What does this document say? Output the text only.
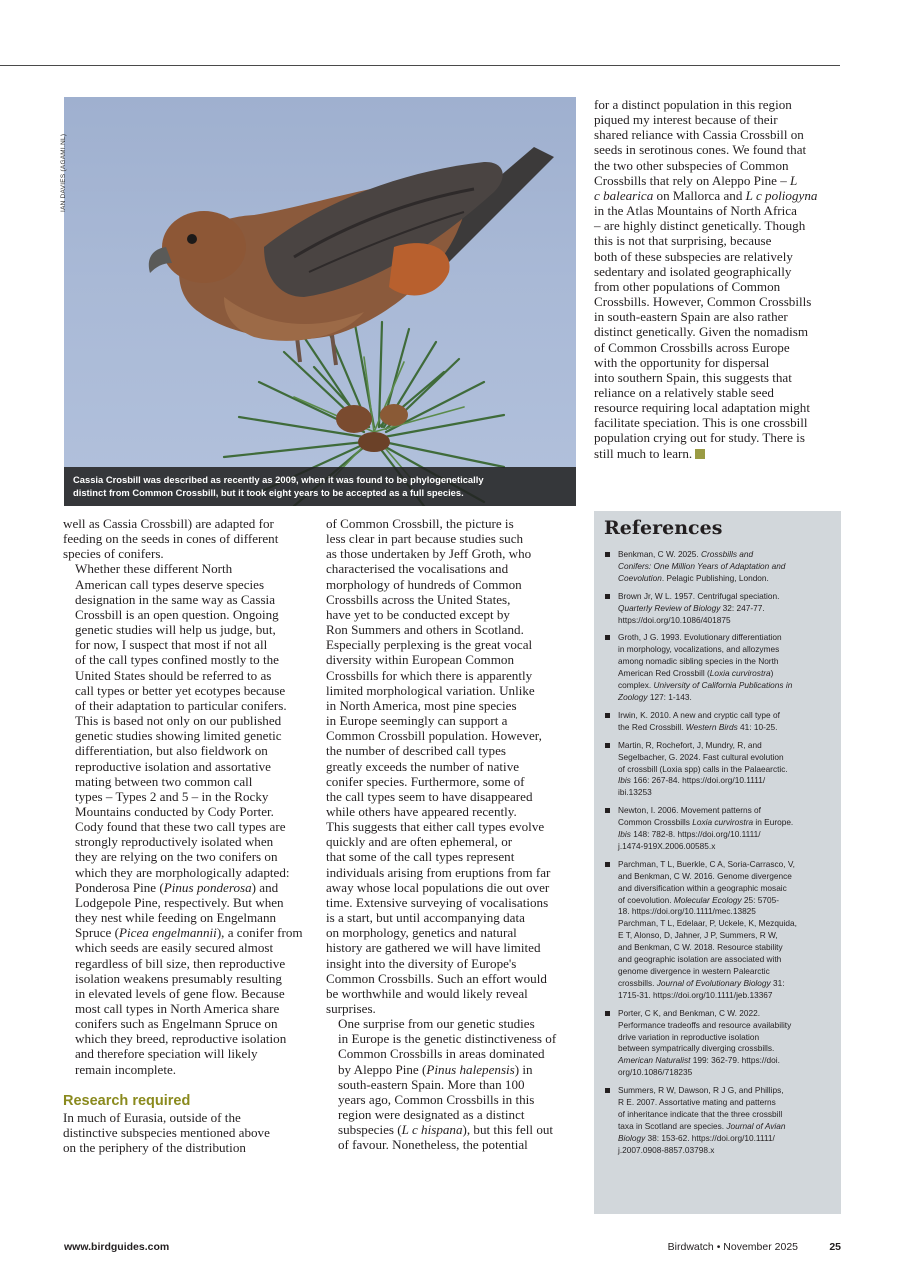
IAN DAVIES (AGAMI.NL)
Cassia Crosbill was described as recently as 2009, when it was found to be phylogenetically
distinct from Common Crossbill, but it took eight years to be accepted as a full species.

well as Cassia Crossbill) are adapted for
feeding on the seeds in cones of different
species of conifers.

Whether these different North
American call types deserve species
designation in the same way as Cassia
Crossbill is an open question. Ongoing
genetic studies will help us judge, but,
for now, I suspect that most if not all
of the call types confined mostly to the
United States should be referred to as
call types or better yet ecotypes because
of their adaptation to particular conifers.
This is based not only on our published
genetic studies showing limited genetic
differentiation, but also fieldwork on
reproductive isolation and assortative
mating between two common call
types – Types 2 and 5 – in the Rocky
Mountains conducted by Cody Porter.
Cody found that these two call types are
strongly reproductively isolated when
they are relying on the two conifers on
which they are morphologically adapted:
Ponderosa Pine (Pinus ponderosa) and
Lodgepole Pine, respectively. But when
they nest while feeding on Engelmann
Spruce (Picea engelmannii), a conifer from
which seeds are easily secured almost
regardless of bill size, then reproductive
isolation weakens presumably resulting
in elevated levels of gene flow. Because
most call types in North America share
conifers such as Engelmann Spruce on
which they breed, reproductive isolation
and therefore speciation will likely
remain incomplete.

Research required

In much of Eurasia, outside of the
distinctive subspecies mentioned above
on the periphery of the distribution

of Common Crossbill, the picture is
less clear in part because studies such
as those undertaken by Jeff Groth, who
characterised the vocalisations and
morphology of hundreds of Common
Crossbills across the United States,
have yet to be conducted except by
Ron Summers and others in Scotland.
Especially perplexing is the great vocal
diversity within European Common
Crossbills for which there is apparently
limited morphological variation. Unlike
in North America, most pine species
in Europe seemingly can support a
Common Crossbill population. However,
the number of described call types
greatly exceeds the number of native
conifer species. Furthermore, some of
the call types seem to have disappeared
while others have appeared recently.
This suggests that either call types evolve
quickly and are often ephemeral, or
that some of the call types represent
individuals arising from eruptions from far
away whose local populations die out over
time. Extensive surveying of vocalisations
is a start, but until accompanying data
on morphology, genetics and natural
history are gathered we will have limited
insight into the diversity of Europe's
Common Crossbills. Such an effort would
be worthwhile and would likely reveal
surprises.

One surprise from our genetic studies
in Europe is the genetic distinctiveness of
Common Crossbills in areas dominated
by Aleppo Pine (Pinus halepensis) in
south-eastern Spain. More than 100
years ago, Common Crossbills in this
region were designated as a distinct
subspecies (L c hispana), but this fell out
of favour. Nonetheless, the potential

for a distinct population in this region
piqued my interest because of their
shared reliance with Cassia Crossbill on
seeds in serotinous cones. We found that
the two other subspecies of Common
Crossbills that rely on Aleppo Pine – L
c balearica on Mallorca and L c poliogyna
in the Atlas Mountains of North Africa
– are highly distinct genetically. Though
this is not that surprising, because
both of these subspecies are relatively
sedentary and isolated geographically
from other populations of Common
Crossbills. However, Common Crossbills
in south-eastern Spain are also rather
distinct genetically. Given the nomadism
of Common Crossbills across Europe
with the opportunity for dispersal
into southern Spain, this suggests that
reliance on a relatively stable seed
resource requiring local adaptation might
facilitate speciation. This is one crossbill
population crying out for study. There is
still much to learn.

References
Benkman, C W. 2025. Crossbills and
Conifers: One Million Years of Adaptation and
Coevolution. Pelagic Publishing, London.
Brown Jr, W L. 1957. Centrifugal speciation.
Quarterly Review of Biology 32: 247-77.
https://doi.org/10.1086/401875
Groth, J G. 1993. Evolutionary differentiation
in morphology, vocalizations, and allozymes
among nomadic sibling species in the North
American Red Crossbill (Loxia curvirostra)
complex. University of California Publications in
Zoology 127: 1-143.
Irwin, K. 2010. A new and cryptic call type of
the Red Crossbill. Western Birds 41: 10-25.
Martin, R, Rochefort, J, Mundry, R, and
Segelbacher, G. 2024. Fast cultural evolution
of crossbill (Loxia spp) calls in the Palaearctic.
Ibis 166: 267-84. https://doi.org/10.1111/
ibi.13253
Newton, I. 2006. Movement patterns of
Common Crossbills Loxia curvirostra in Europe.
Ibis 148: 782-8. https://doi.org/10.1111/
j.1474-919X.2006.00585.x
Parchman, T L, Buerkle, C A, Soria-Carrasco, V,
and Benkman, C W. 2016. Genome divergence
and diversification within a geographic mosaic
of coevolution. Molecular Ecology 25: 5705-
18. https://doi.org/10.1111/mec.13825
Parchman, T L, Edelaar, P, Uckele, K, Mezquida,
E T, Alonso, D, Jahner, J P, Summers, R W,
and Benkman, C W. 2018. Resource stability
and geographic isolation are associated with
genome divergence in western Palearctic
crossbills. Journal of Evolutionary Biology 31:
1715-31. https://doi.org/10.1111/jeb.13367
Porter, C K, and Benkman, C W. 2022.
Performance tradeoffs and resource availability
drive variation in reproductive isolation
between sympatrically diverging crossbills.
American Naturalist 199: 362-79. https://doi.
org/10.1086/718235
Summers, R W, Dawson, R J G, and Phillips,
R E. 2007. Assortative mating and patterns
of inheritance indicate that the three crossbill
taxa in Scotland are species. Journal of Avian
Biology 38: 153-62. https://doi.org/10.1111/
j.2007.0908-8857.03798.x
www.birdguides.com	Birdwatch • November 2025	25
